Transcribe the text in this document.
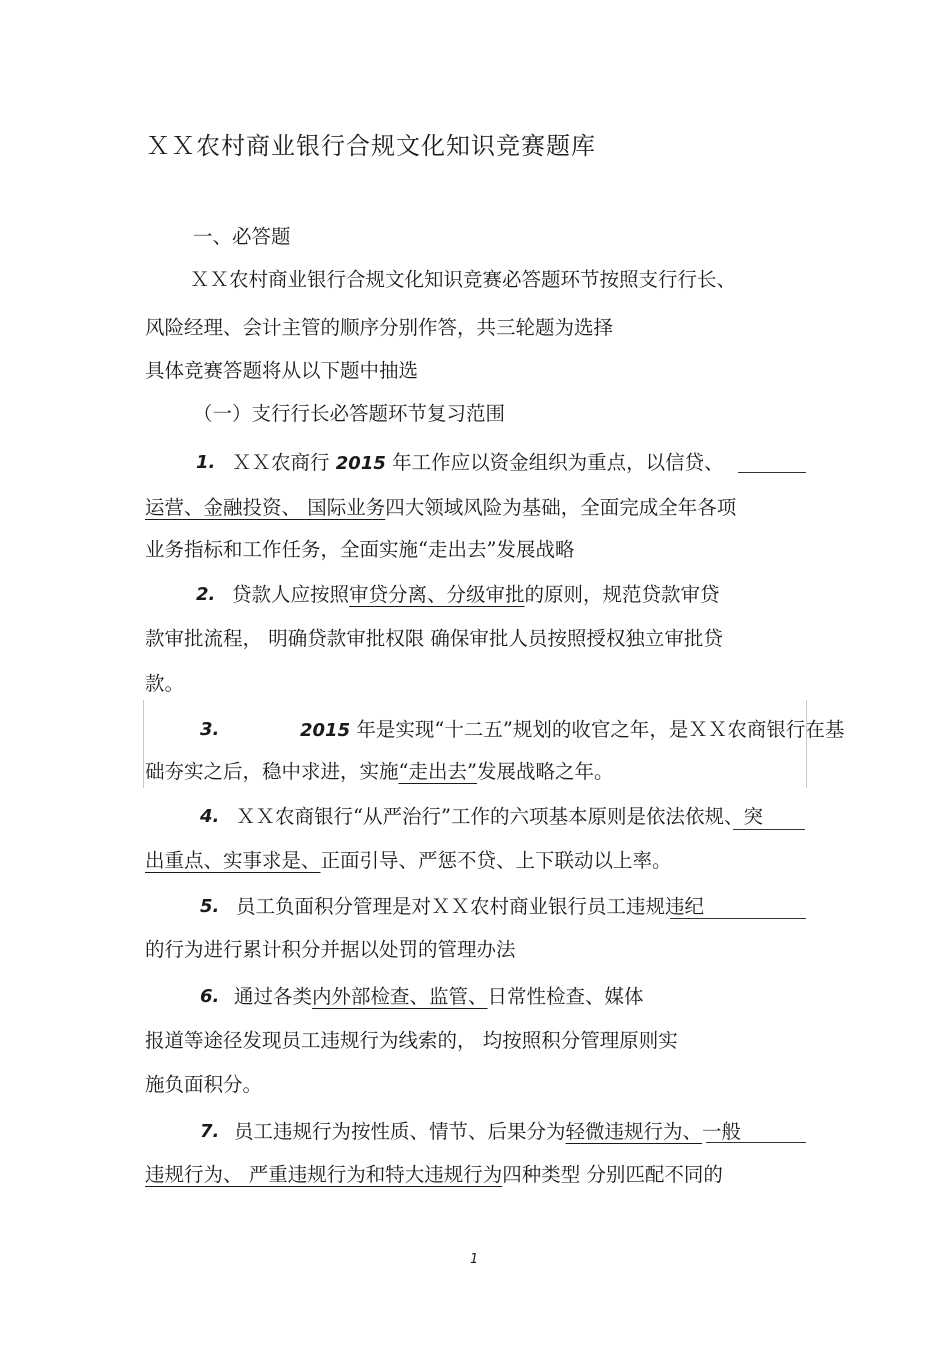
ＸＸ农村商业银行合规文化知识竞赛题库
一、必答题
ＸＸ农村商业银行合规文化知识竞赛必答题环节按照支行行长、
风险经理、会计主管的顺序分别作答，共三轮题为选择
具体竞赛答题将从以下题中抽选
（一）支行行长必答题环节复习范围
1. ＸＸ农商行 2015 年工作应以资金组织为重点，以信贷、
运营、金融投资、 国际业务四大领域风险为基础，全面完成全年各项
业务指标和工作任务，全面实施“走出去”发展战略
2. 贷款人应按照审贷分离、分级审批的原则，规范贷款审贷
款审批流程， 明确贷款审批权限 确保审批人员按照授权独立审批贷
款。
3.	2015 年是实现“十二五”规划的收官之年，是ＸＸ农商银行在基
础夯实之后，稳中求进，实施“走出去”发展战略之年。
4. ＸＸ农商银行“从严治行”工作的六项基本原则是依法依规、突
出重点、实事求是、正面引导、严惩不贷、上下联动以上率。
5. 员工负面积分管理是对ＸＸ农村商业银行员工违规违纪
的行为进行累计积分并据以处罚的管理办法
6. 通过各类内外部检查、监管、日常性检查、媒体
报道等途径发现员工违规行为线索的， 均按照积分管理原则实
施负面积分。
7. 员工违规行为按性质、情节、后果分为轻微违规行为、一般
违规行为、 严重违规行为和特大违规行为四种类型 分别匹配不同的
1
